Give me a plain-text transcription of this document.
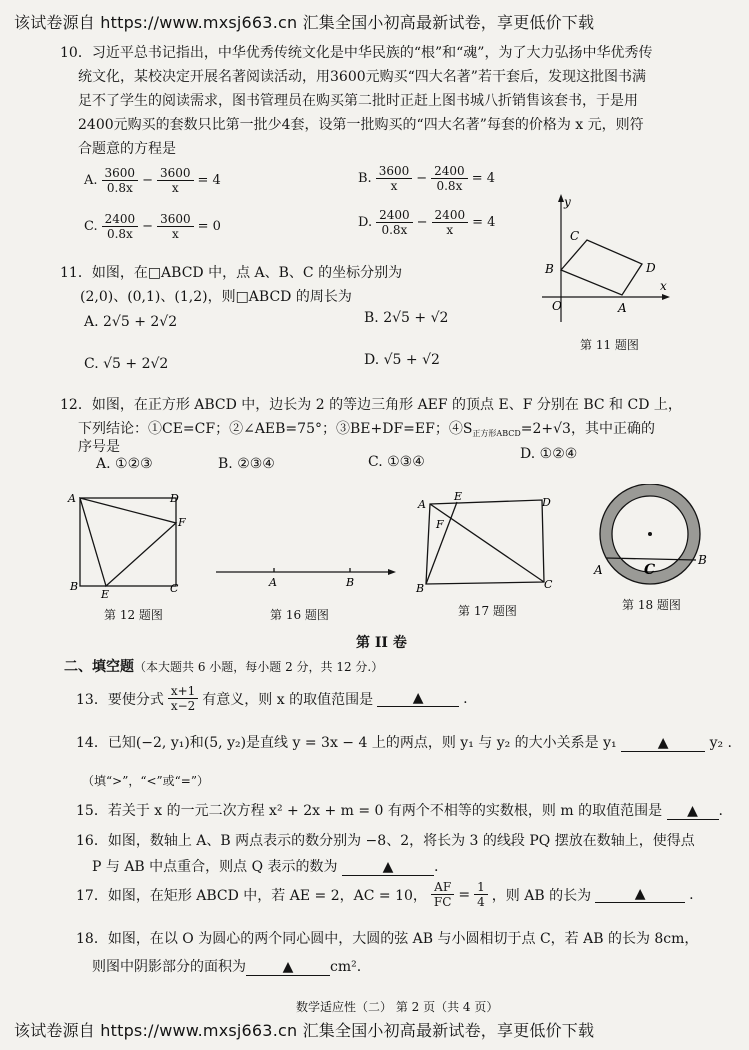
该试卷源自 https://www.mxsj663.cn 汇集全国小初高最新试卷，享更低价下载
10．习近平总书记指出，中华优秀传统文化是中华民族的“根”和“魂”，为了大力弘扬中华优秀传
统文化，某校决定开展名著阅读活动，用3600元购买“四大名著”若干套后，发现这批图书满
足不了学生的阅读需求，图书管理员在购买第二批时正赶上图书城八折销售该套书，于是用
2400元购买的套数只比第一批少4套，设第一批购买的“四大名著”每套的价格为 x 元，则符
合题意的方程是
A. $\frac{3600}{0.8x} - \frac{3600}{x} = 4$	B. $\frac{3600}{x} - \frac{2400}{0.8x} = 4$
C. $\frac{2400}{0.8x} - \frac{3600}{x} = 0$	D. $\frac{2400}{0.8x} - \frac{2400}{x} = 4$
y
x
O	A
B
C
D
第 11 题图
11．如图，在□ABCD 中，点 A、B、C 的坐标分别为
(2,0)、(0,1)、(1,2)，则□ABCD 的周长为
A. 2√5 + 2√2	B. 2√5 + √2
C. √5 + 2√2	D. √5 + √2
12．如图，在正方形 ABCD 中，边长为 2 的等边三角形 AEF 的顶点 E、F 分别在 BC 和 CD 上，
下列结论：①CE=CF；②∠AEB=75°；③BE+DF=EF；$④S_{正方形ABCD}=2+√3$，其中正确的
序号是
A. ①②③	B. ②③④	C. ①③④	D. ①②④
A	D
B	C
E
F
第 12 题图
A	B
第 16 题图
A
E	D
F
B	C
第 17 题图
A
B
C
第 18 题图
第 II 卷
二、填空题（本大题共 6 小题，每小题 2 分，共 12 分.）
13．要使分式 $\frac{x+1}{x-2}$ 有意义，则 x 的取值范围是	▲	.
14．已知(−2, y₁)和(5, y₂)是直线 y = 3x − 4 上的两点，则 y₁ 与 y₂ 的大小关系是 y₁	▲	y₂ .
（填“>”，“<”或“=”）
15．若关于 x 的一元二次方程 x² + 2x + m = 0 有两个不相等的实数根，则 m 的取值范围是 ▲ .
16．如图，数轴上 A、B 两点表示的数分别为 −8、2，将长为 3 的线段 PQ 摆放在数轴上，使得点
P 与 AB 中点重合，则点 Q 表示的数为	▲	.
17．如图，在矩形 ABCD 中，若 AE = 2，AC = 10， $\frac{AF}{FC} = \frac{1}{4}$ ，则 AB 的长为	▲	.
18．如图，在以 O 为圆心的两个同心圆中，大圆的弦 AB 与小圆相切于点 C，若 AB 的长为 8cm，
则图中阴影部分的面积为	▲	cm².
数学适应性（二） 第 2 页（共 4 页）
该试卷源自 https://www.mxsj663.cn 汇集全国小初高最新试卷，享更低价下载
